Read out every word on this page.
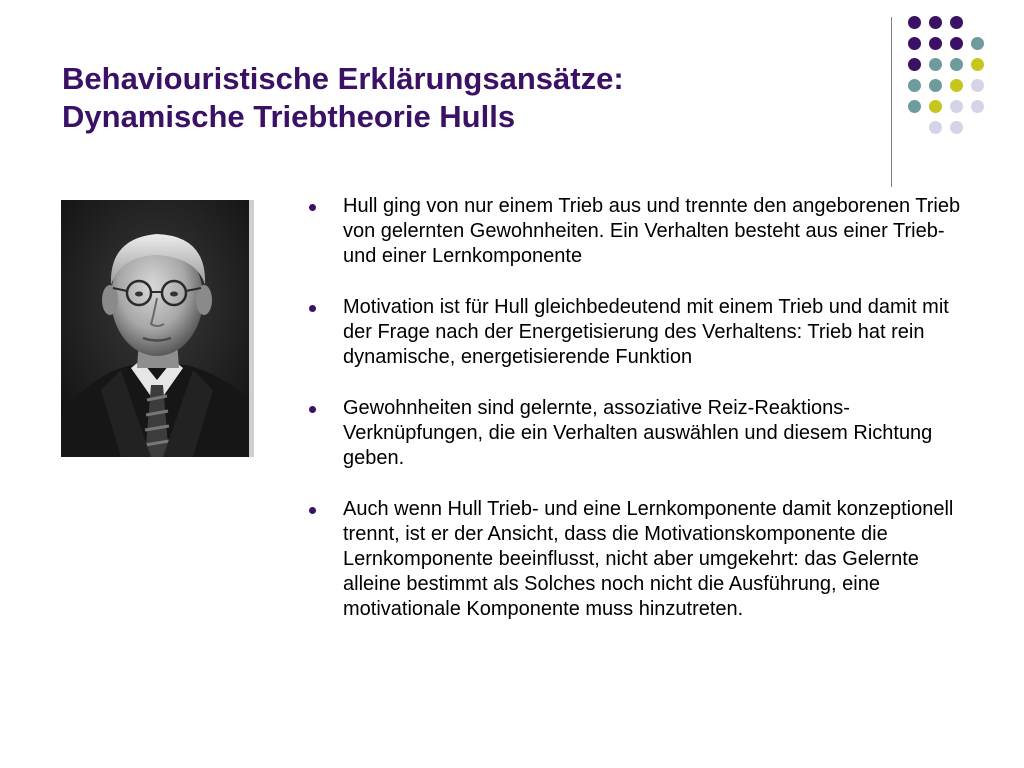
Behaviouristische Erklärungsansätze:
Dynamische Triebtheorie Hulls
Hull ging von nur einem Trieb aus und trennte den angeborenen Trieb von gelernten Gewohnheiten. Ein Verhalten besteht aus einer Trieb- und einer Lernkomponente
Motivation ist für Hull gleichbedeutend mit einem Trieb und damit mit der Frage nach der Energetisierung des Verhaltens: Trieb hat rein dynamische, energetisierende Funktion
Gewohnheiten sind gelernte, assoziative Reiz-Reaktions-Verknüpfungen, die ein Verhalten auswählen und diesem Richtung geben.
Auch wenn Hull Trieb- und eine Lernkomponente damit konzeptionell trennt, ist er der Ansicht, dass die Motivationskomponente die Lernkomponente beeinflusst, nicht aber umgekehrt: das Gelernte alleine bestimmt als Solches noch nicht die Ausführung, eine motivationale Komponente muss hinzutreten.
